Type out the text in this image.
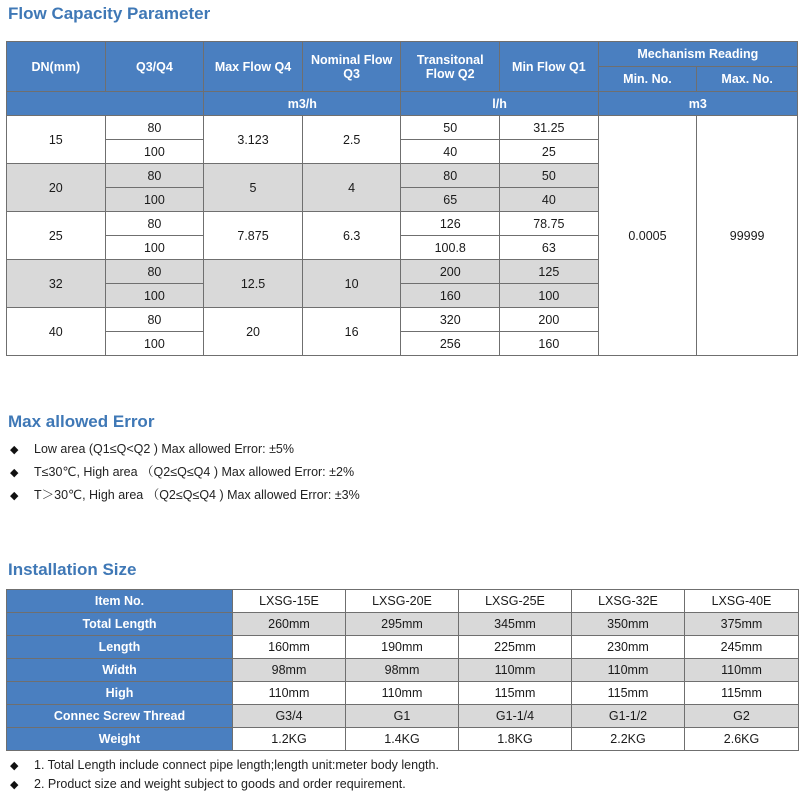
Flow Capacity Parameter
DN(mm)	Q3/Q4	Max Flow Q4	Nominal Flow Q3	Transitonal Flow Q2	Min Flow Q1	Mechanism Reading	
						Min. No.	Max. No.
		m3/h		l/h		m3	
15	80	3.123	2.5	50	31.25	0.0005	99999
	100			40	25		
20	80	5	4	80	50		
	100			65	40		
25	80	7.875	6.3	126	78.75		
	100			100.8	63		
32	80	12.5	10	200	125		
	100			160	100		
40	80	20	16	320	200		
	100			256	160		
Max allowed Error
◆ Low area (Q1≤Q<Q2 ) Max allowed Error: ±5%
◆ T≤30℃, High area （Q2≤Q≤Q4 ) Max allowed Error: ±2%
◆ T＞30℃, High area （Q2≤Q≤Q4 ) Max allowed Error: ±3%
Installation Size
Item No.	LXSG-15E	LXSG-20E	LXSG-25E	LXSG-32E	LXSG-40E
Total Length	260mm	295mm	345mm	350mm	375mm
Length	160mm	190mm	225mm	230mm	245mm
Width	98mm	98mm	110mm	110mm	110mm
High	110mm	110mm	115mm	115mm	115mm
Connec Screw Thread	G3/4	G1	G1-1/4	G1-1/2	G2
Weight	1.2KG	1.4KG	1.8KG	2.2KG	2.6KG
◆ 1. Total Length include connect pipe length;length unit:meter body length.
◆ 2. Product size and weight subject to goods and order requirement.
